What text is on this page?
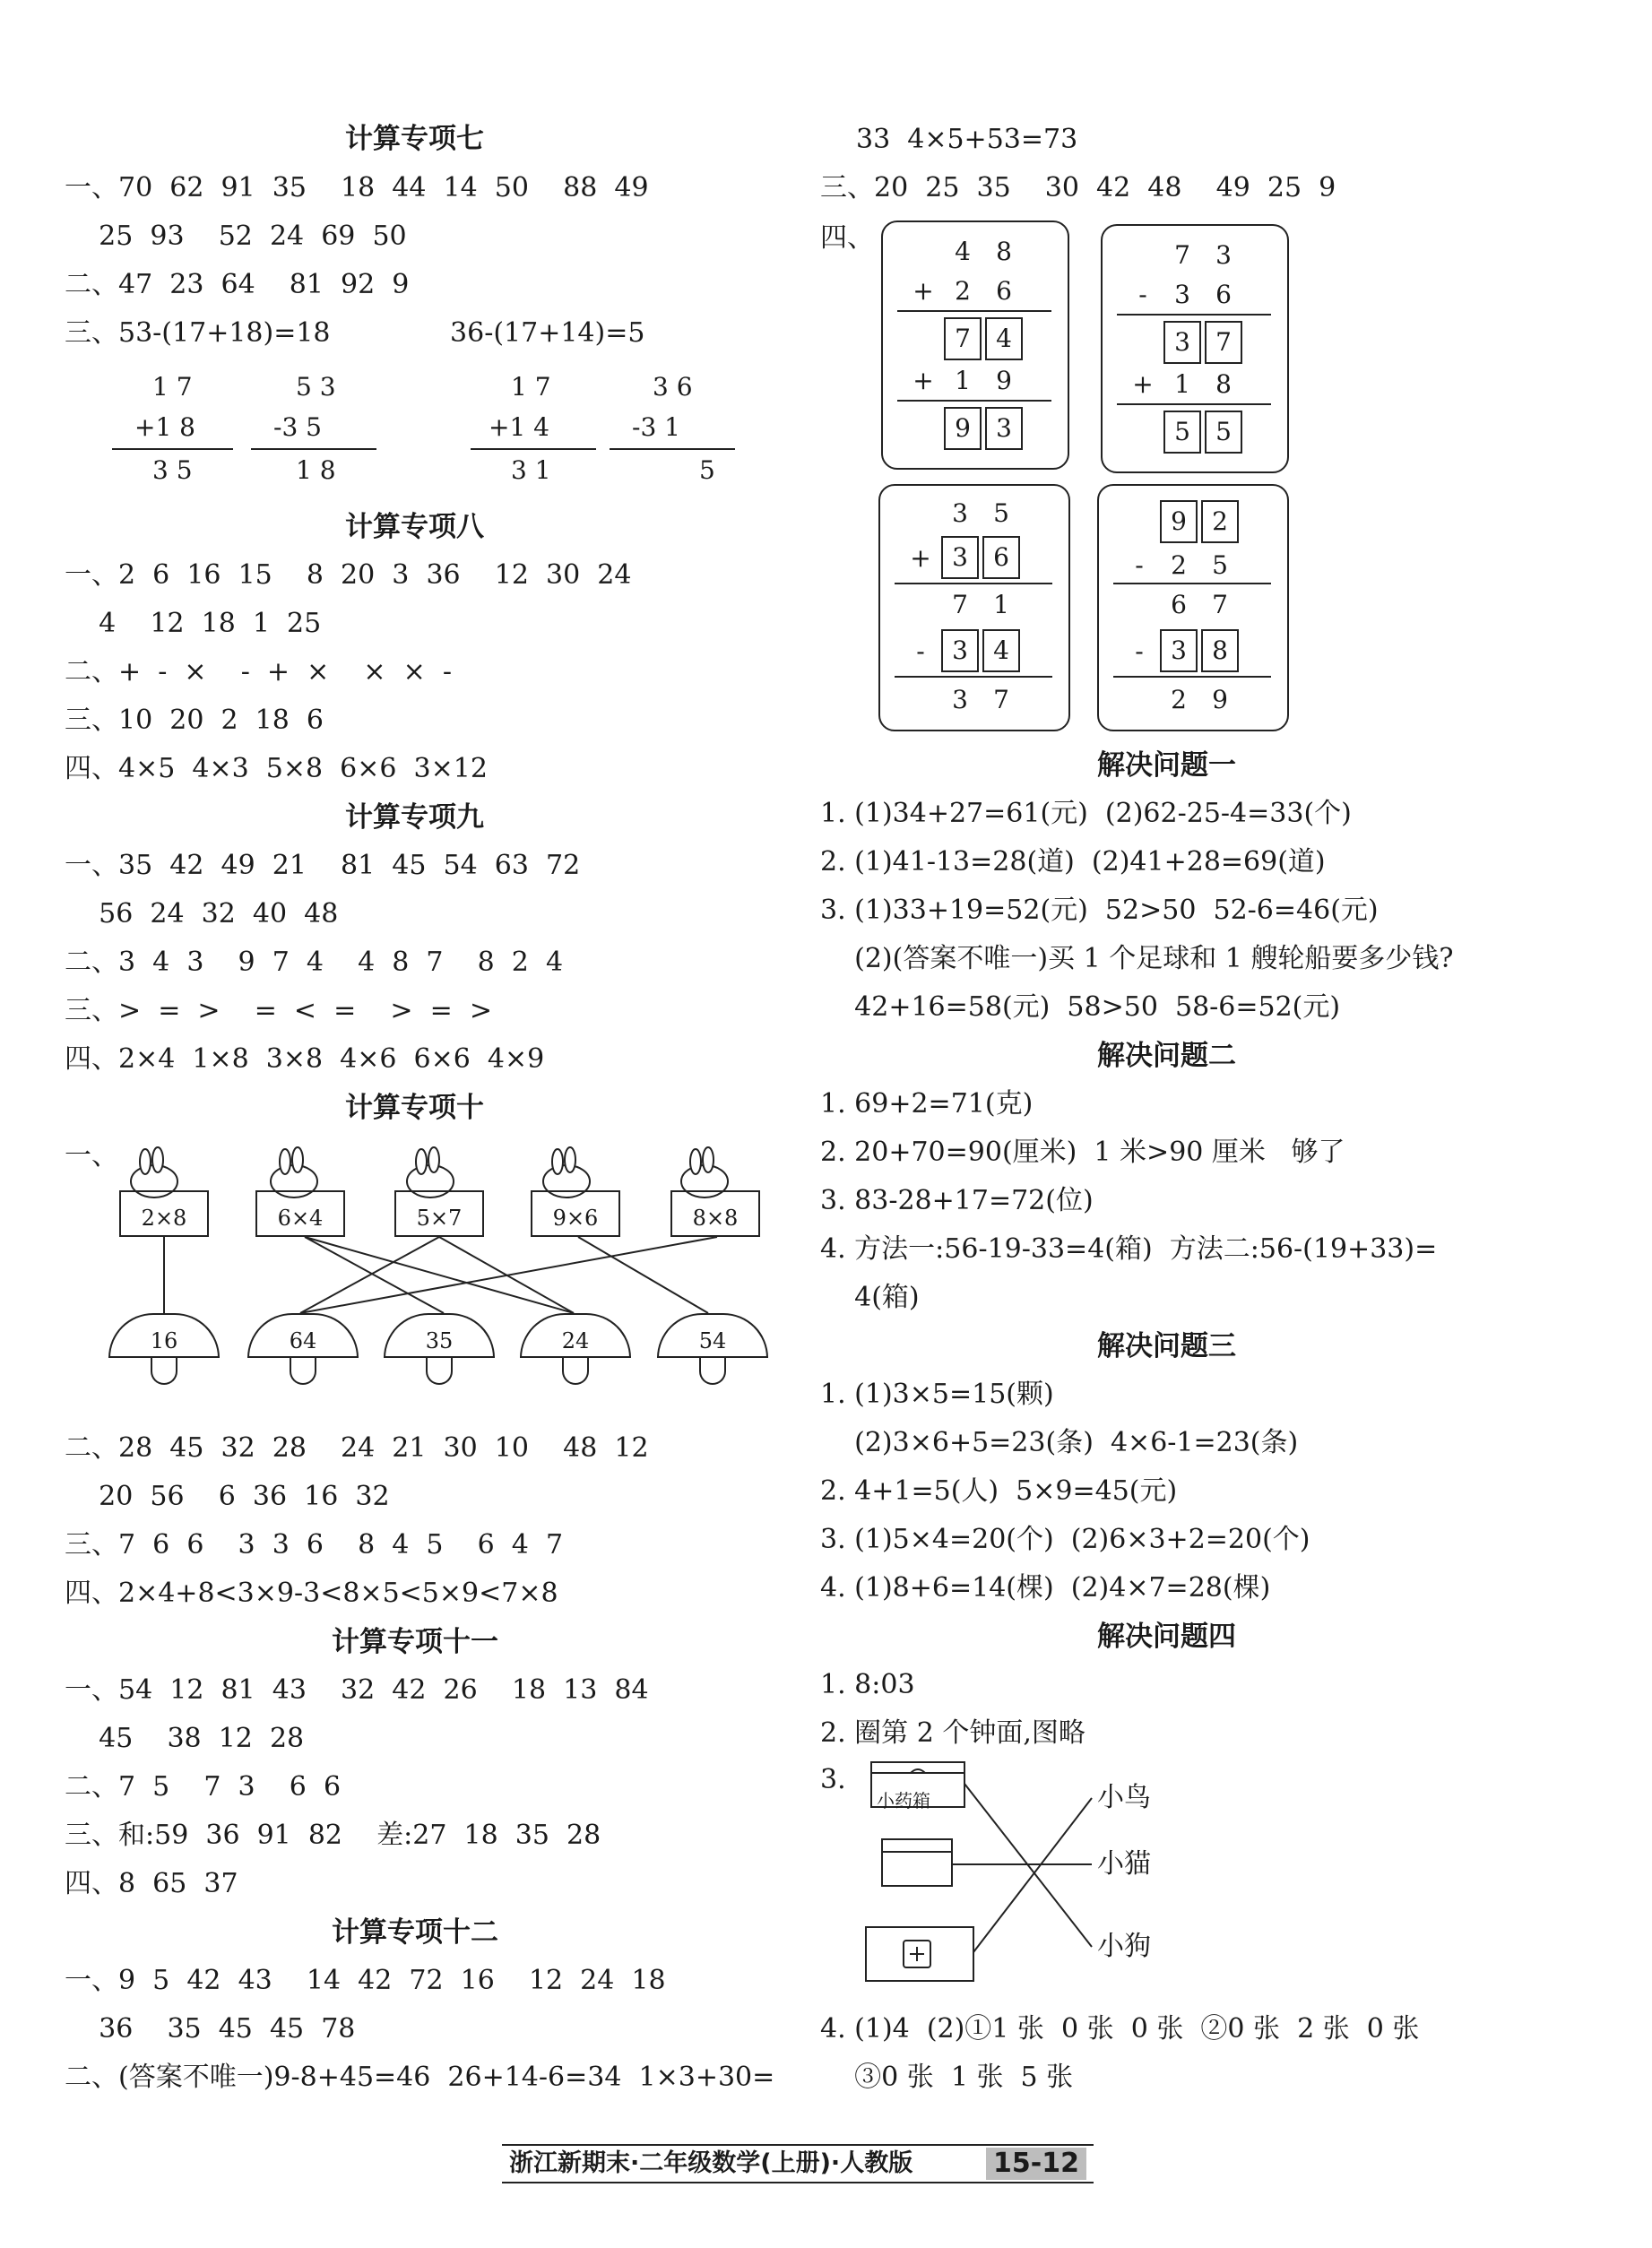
计算专项七
一、70  62  91  35    18  44  14  50    88  49
25  93    52  24  69  50
二、47  23  64    81  92  9
三、53-(17+18)=18              36-(17+14)=5
1 7
+1 8
3 5
5 3
-3 5
1 8
1 7
+1 4
3 1
3 6
-3 1
5
计算专项八
一、2  6  16  15    8  20  3  36    12  30  24
4    12  18  1  25
二、+  -  ×    -  +  ×    ×  ×  -
三、10  20  2  18  6
四、4×5  4×3  5×8  6×6  3×12
计算专项九
一、35  42  49  21    81  45  54  63  72
56  24  32  40  48
二、3  4  3    9  7  4    4  8  7    8  2  4
三、>  =  >    =  <  =    >  =  >
四、2×4  1×8  3×8  4×6  6×6  4×9
计算专项十
一、
2×8	6×4	5×7	9×6	8×8
16	64	35	24	54
二、28  45  32  28    24  21  30  10    48  12
20  56    6  36  16  32
三、7  6  6    3  3  6    8  4  5    6  4  7
四、2×4+8<3×9-3<8×5<5×9<7×8
计算专项十一
一、54  12  81  43    32  42  26    18  13  84
45    38  12  28
二、7  5    7  3    6  6
三、和:59  36  91  82    差:27  18  35  28
四、8  65  37
计算专项十二
一、9  5  42  43    14  42  72  16    12  24  18
36    35  45  45  78
二、(答案不唯一)9-8+45=46  26+14-6=34  1×3+30=
33  4×5+53=73
三、20  25  35    30  42  48    49  25  9
四、	4 8
+ 2 6
7	4
+ 1 9
9	3
7 3
-	3 6
3	7
+ 1 8
5	5
3 5
+ 3	6
7 1
-	3	4
3 7
9	2
-	2 5
6 7
-	3	8
2 9
解决问题一
1. (1)34+27=61(元)  (2)62-25-4=33(个)
2. (1)41-13=28(道)  (2)41+28=69(道)
3. (1)33+19=52(元)  52>50  52-6=46(元)
(2)(答案不唯一)买 1 个足球和 1 艘轮船要多少钱?
42+16=58(元)  58>50  58-6=52(元)
解决问题二
1. 69+2=71(克)
2. 20+70=90(厘米)  1 米>90 厘米   够了
3. 83-28+17=72(位)
4. 方法一:56-19-33=4(箱)  方法二:56-(19+33)=
4(箱)
解决问题三
1. (1)3×5=15(颗)
(2)3×6+5=23(条)  4×6-1=23(条)
2. 4+1=5(人)  5×9=45(元)
3. (1)5×4=20(个)  (2)6×3+2=20(个)
4. (1)8+6=14(棵)  (2)4×7=28(棵)
解决问题四
1. 8:03
2. 圈第 2 个钟面,图略
3.
小药箱	小鸟
小猫
小狗
4. (1)4  (2)①1 张  0 张  0 张  ②0 张  2 张  0 张
③0 张  1 张  5 张
浙江新期末·二年级数学(上册)·人教版	15-12
